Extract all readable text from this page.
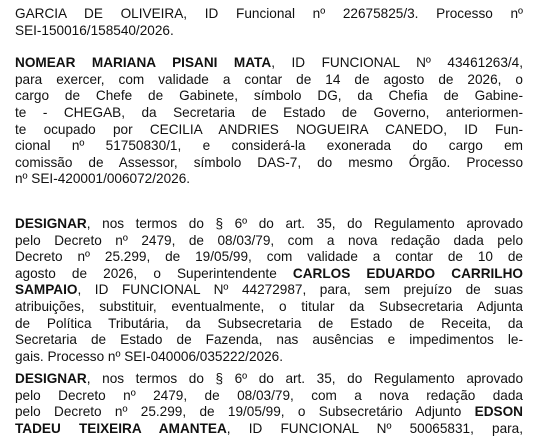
GARCIA DE OLIVEIRA, ID Funcional nº 22675825/3. Processo nº
SEI-150016/158540/2026.
NOMEAR MARIANA PISANI MATA, ID FUNCIONAL Nº 43461263/4,
para exercer, com validade a contar de 14 de agosto de 2026, o
cargo de Chefe de Gabinete, símbolo DG, da Chefia de Gabine-
te - CHEGAB, da Secretaria de Estado de Governo, anteriormen-
te ocupado por CECILIA ANDRIES NOGUEIRA CANEDO, ID Fun-
cional nº 51750830/1, e considerá-la exonerada do cargo em
comissão de Assessor, símbolo DAS-7, do mesmo Órgão. Processo
nº SEI-420001/006072/2026.
DESIGNAR, nos termos do § 6º do art. 35, do Regulamento aprovado
pelo Decreto nº 2479, de 08/03/79, com a nova redação dada pelo
Decreto nº 25.299, de 19/05/99, com validade a contar de 10 de
agosto de 2026, o Superintendente CARLOS EDUARDO CARRILHO
SAMPAIO, ID FUNCIONAL Nº 44272987, para, sem prejuízo de suas
atribuições, substituir, eventualmente, o titular da Subsecretaria Adjunta
de Política Tributária, da Subsecretaria de Estado de Receita, da
Secretaria de Estado de Fazenda, nas ausências e impedimentos le-
gais. Processo nº SEI-040006/035222/2026.
DESIGNAR, nos termos do § 6º do art. 35, do Regulamento aprovado
pelo Decreto nº 2479, de 08/03/79, com a nova redação dada
pelo Decreto nº 25.299, de 19/05/99, o Subsecretário Adjunto EDSON
TADEU TEIXEIRA AMANTEA, ID FUNCIONAL Nº 50065831, para,
